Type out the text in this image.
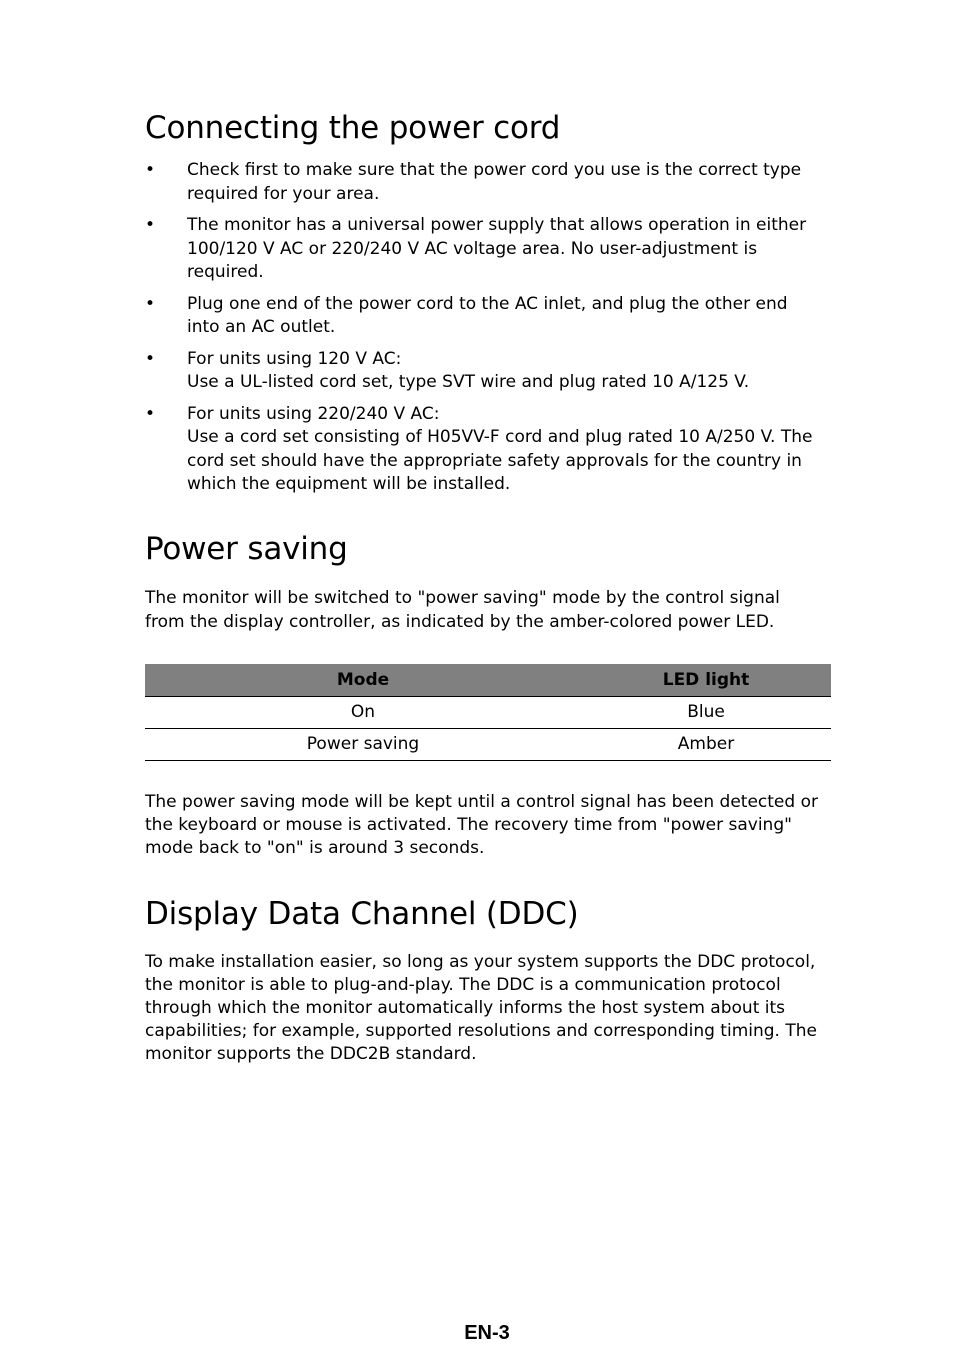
Connecting the power cord
• Check first to make sure that the power cord you use is the correct type
required for your area.
• The monitor has a universal power supply that allows operation in either
100/120 V AC or 220/240 V AC voltage area. No user-adjustment is
required.
• Plug one end of the power cord to the AC inlet, and plug the other end
into an AC outlet.
• For units using 120 V AC:
Use a UL-listed cord set, type SVT wire and plug rated 10 A/125 V.
• For units using 220/240 V AC:
Use a cord set consisting of H05VV-F cord and plug rated 10 A/250 V. The
cord set should have the appropriate safety approvals for the country in
which the equipment will be installed.
Power saving

The monitor will be switched to "power saving" mode by the control signal
from the display controller, as indicated by the amber-colored power LED.

Mode	LED light
On	Blue
Power saving	Amber

The power saving mode will be kept until a control signal has been detected or
the keyboard or mouse is activated. The recovery time from "power saving"
mode back to "on" is around 3 seconds.

Display Data Channel (DDC)

To make installation easier, so long as your system supports the DDC protocol,
the monitor is able to plug-and-play. The DDC is a communication protocol
through which the monitor automatically informs the host system about its
capabilities; for example, supported resolutions and corresponding timing. The
monitor supports the DDC2B standard.

EN-3
